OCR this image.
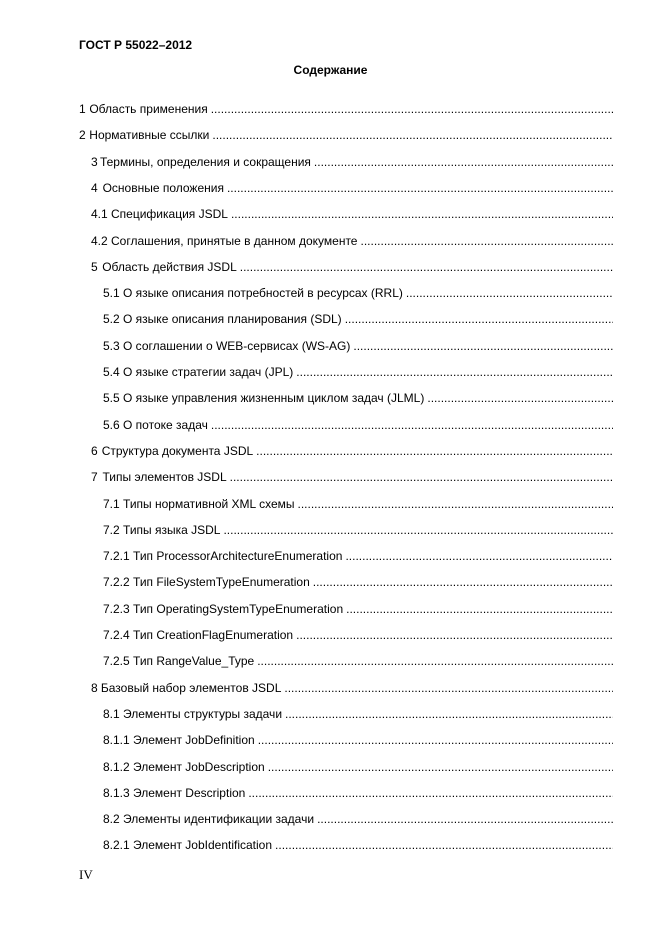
ГОСТ Р 55022–2012
Содержание
1 Область применения
.....
2 Нормативные ссылки
.....
3 Термины, определения и сокращения
.....
4 Основные положения
.....
4.1 Спецификация JSDL
.....
4.2 Соглашения, принятые в данном документе
.....
5 Область действия JSDL
.....
5.1 О языке описания потребностей в ресурсах (RRL)
.....
5.2 О языке описания планирования (SDL)
.....
5.3 О соглашении о WEB-сервисах (WS-AG)
.....
5.4 О языке стратегии задач (JPL)
.....
5.5 О языке управления жизненным циклом задач (JLML)
.....
5.6 О потоке задач
.....
6 Структура документа JSDL
.....
7 Типы элементов JSDL
.....
7.1 Типы нормативной XML схемы
.....
7.2 Типы языка JSDL
.....
7.2.1 Тип ProcessorArchitectureEnumeration
.....
7.2.2 Тип FileSystemTypeEnumeration
.....
7.2.3 Тип OperatingSystemTypeEnumeration
.....
7.2.4 Тип CreationFlagEnumeration
.....
7.2.5 Тип RangeValue_Type
.....
8 Базовый набор элементов JSDL
.....
8.1 Элементы структуры задачи
.....
8.1.1 Элемент JobDefinition
.....
8.1.2 Элемент JobDescription
.....
8.1.3 Элемент Description
.....
8.2 Элементы идентификации задачи
.....
8.2.1 Элемент JobIdentification
.....
IV
